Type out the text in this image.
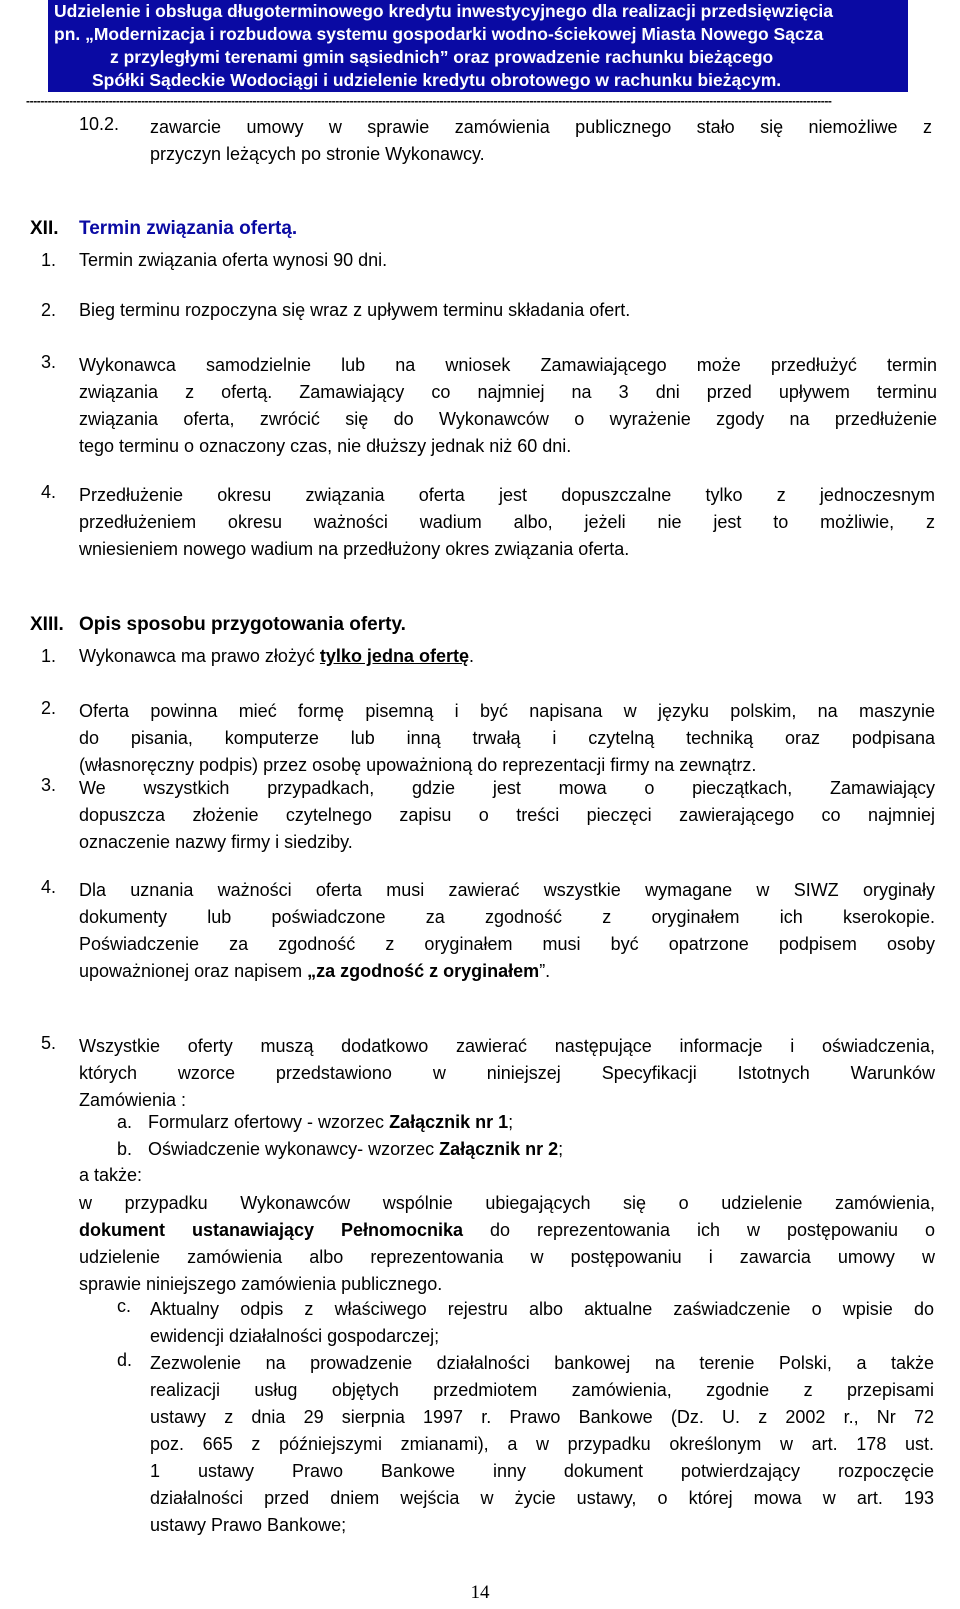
Udzielenie i obsługa długoterminowego kredytu inwestycyjnego dla realizacji przedsięwzięcia
pn. „Modernizacja i rozbudowa systemu gospodarki wodno-ściekowej Miasta Nowego Sącza
z przyległymi terenami gmin sąsiednich” oraz prowadzenie rachunku bieżącego
Spółki Sądeckie Wodociągi i udzielenie kredytu obrotowego w rachunku bieżącym.
--------------------------------------------------------------------------------------------------------------------------------------------------------------------------------------------------------------------------------
10.2. zawarcie umowy w sprawie zamówienia publicznego stało się niemożliwe z
przyczyn leżących po stronie Wykonawcy.
XII. Termin związania ofertą.
1. Termin związania oferta wynosi 90 dni.
2. Bieg terminu rozpoczyna się wraz z upływem terminu składania ofert.
3. Wykonawca samodzielnie lub na wniosek Zamawiającego może przedłużyć termin
związania z ofertą. Zamawiający co najmniej na 3 dni przed upływem terminu
związania oferta, zwrócić się do Wykonawców o wyrażenie zgody na przedłużenie
tego terminu o oznaczony czas, nie dłuższy jednak niż 60 dni.
4. Przedłużenie okresu związania oferta jest dopuszczalne tylko z jednoczesnym
przedłużeniem okresu ważności wadium albo, jeżeli nie jest to możliwie, z
wniesieniem nowego wadium na przedłużony okres związania oferta.
XIII. Opis sposobu przygotowania oferty.
1. Wykonawca ma prawo złożyć tylko jedna ofertę.
2. Oferta powinna mieć formę pisemną i być napisana w języku polskim, na maszynie
do pisania, komputerze lub inną trwałą i czytelną techniką oraz podpisana
(własnoręczny podpis) przez osobę upoważnioną do reprezentacji firmy na zewnątrz.
3. We wszystkich przypadkach, gdzie jest mowa o pieczątkach, Zamawiający
dopuszcza złożenie czytelnego zapisu o treści pieczęci zawierającego co najmniej
oznaczenie nazwy firmy i siedziby.
4. Dla uznania ważności oferta musi zawierać wszystkie wymagane w SIWZ oryginały
dokumenty lub poświadczone za zgodność z oryginałem ich kserokopie.
Poświadczenie za zgodność z oryginałem musi być opatrzone podpisem osoby
upoważnionej oraz napisem „za zgodność z oryginałem”.
5. Wszystkie oferty muszą dodatkowo zawierać następujące informacje i oświadczenia,
których wzorce przedstawiono w niniejszej Specyfikacji Istotnych Warunków
Zamówienia :
a. Formularz ofertowy - wzorzec Załącznik nr 1;
b. Oświadczenie wykonawcy- wzorzec Załącznik nr 2;
a także:
w przypadku Wykonawców wspólnie ubiegających się o udzielenie zamówienia,
dokument ustanawiający Pełnomocnika do reprezentowania ich w postępowaniu o
udzielenie zamówienia albo reprezentowania w postępowaniu i zawarcia umowy w
sprawie niniejszego zamówienia publicznego.
c. Aktualny odpis z właściwego rejestru albo aktualne zaświadczenie o wpisie do
ewidencji działalności gospodarczej;
d. Zezwolenie na prowadzenie działalności bankowej na terenie Polski, a także
realizacji usług objętych przedmiotem zamówienia, zgodnie z przepisami
ustawy z dnia 29 sierpnia 1997 r. Prawo Bankowe (Dz. U. z 2002 r., Nr 72
poz. 665 z późniejszymi zmianami), a w przypadku określonym w art. 178 ust.
1 ustawy Prawo Bankowe inny dokument potwierdzający rozpoczęcie
działalności przed dniem wejścia w życie ustawy, o której mowa w art. 193
ustawy Prawo Bankowe;
14
